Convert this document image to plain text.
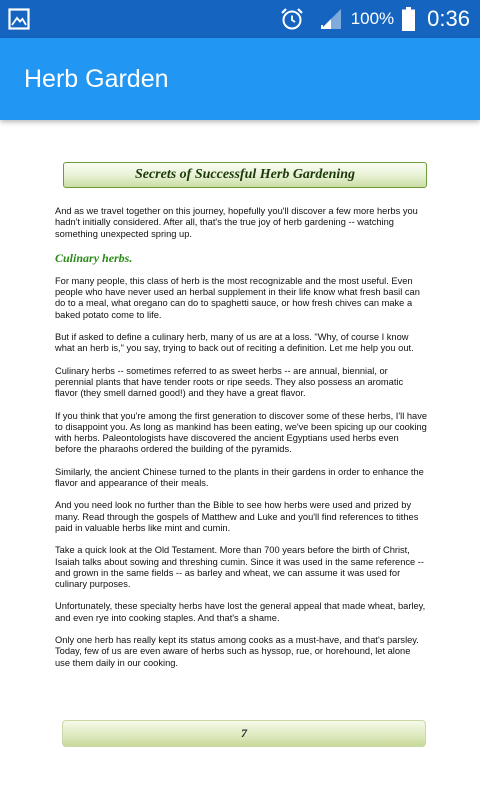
100% 0:36
Herb Garden
Secrets of Successful Herb Gardening

And as we travel together on this journey, hopefully you'll discover a few more herbs you hadn't initially considered. After all, that's the true joy of herb gardening -- watching something unexpected spring up.

Culinary herbs.

For many people, this class of herb is the most recognizable and the most useful. Even people who have never used an herbal supplement in their life know what fresh basil can do to a meal, what oregano can do to spaghetti sauce, or how fresh chives can make a baked potato come to life.

But if asked to define a culinary herb, many of us are at a loss. "Why, of course I know what an herb is," you say, trying to back out of reciting a definition. Let me help you out.

Culinary herbs -- sometimes referred to as sweet herbs -- are annual, biennial, or perennial plants that have tender roots or ripe seeds. They also possess an aromatic flavor (they smell darned good!) and they have a great flavor.

If you think that you're among the first generation to discover some of these herbs, I'll have to disappoint you. As long as mankind has been eating, we've been spicing up our cooking with herbs. Paleontologists have discovered the ancient Egyptians used herbs even before the pharaohs ordered the building of the pyramids.

Similarly, the ancient Chinese turned to the plants in their gardens in order to enhance the flavor and appearance of their meals.

And you need look no further than the Bible to see how herbs were used and prized by many. Read through the gospels of Matthew and Luke and you'll find references to tithes paid in valuable herbs like mint and cumin.

Take a quick look at the Old Testament. More than 700 years before the birth of Christ, Isaiah talks about sowing and threshing cumin. Since it was used in the same reference -- and grown in the same fields -- as barley and wheat, we can assume it was used for culinary purposes.

Unfortunately, these specialty herbs have lost the general appeal that made wheat, barley, and even rye into cooking staples. And that's a shame.

Only one herb has really kept its status among cooks as a must-have, and that's parsley. Today, few of us are even aware of herbs such as hyssop, rue, or horehound, let alone use them daily in our cooking.

7
